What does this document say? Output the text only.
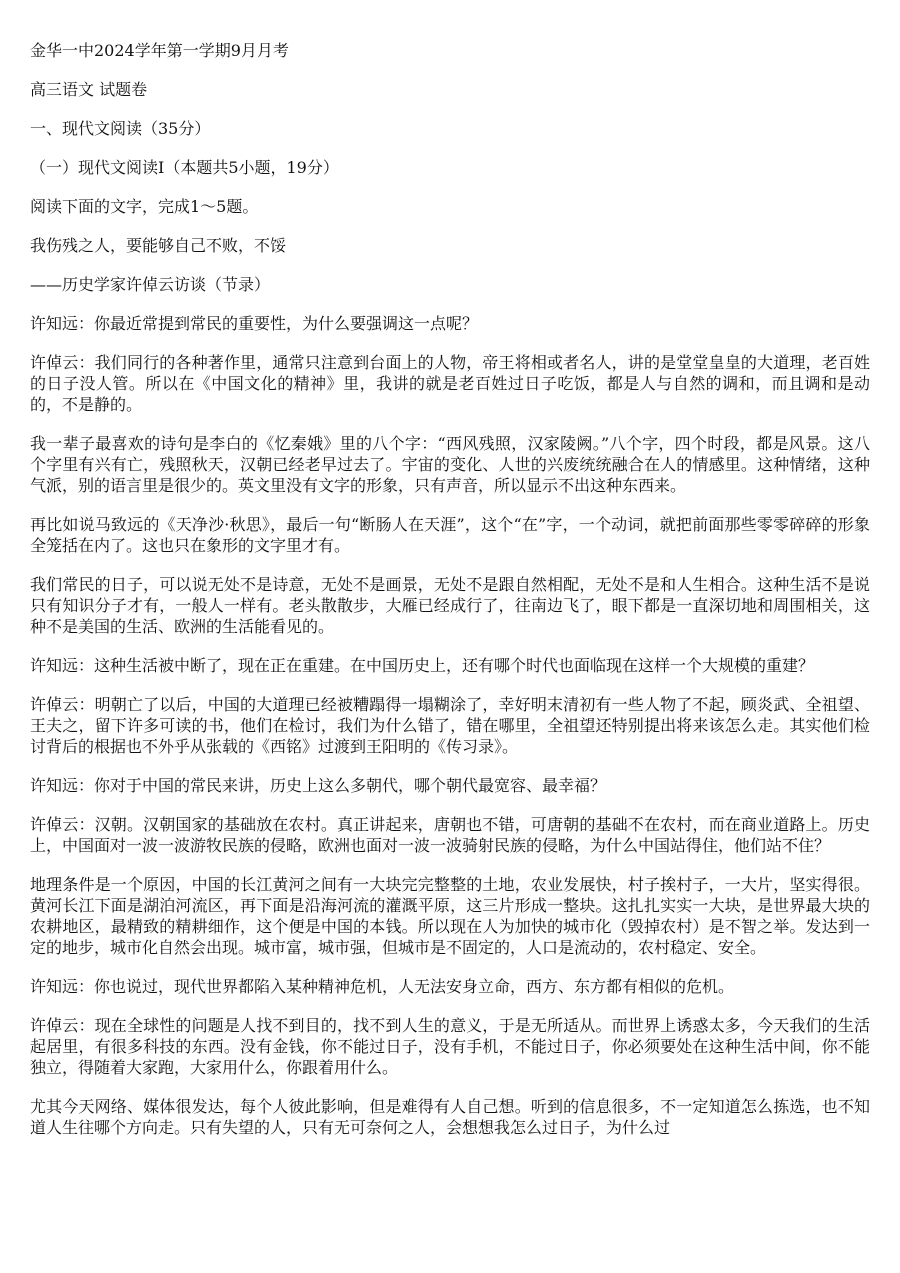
金华一中2024学年第一学期9月月考
高三语文 试题卷
一、现代文阅读（35分）
（一）现代文阅读I（本题共5小题，19分）
阅读下面的文字，完成1～5题。
我伤残之人，要能够自己不败，不馁
——历史学家许倬云访谈（节录）
许知远：你最近常提到常民的重要性，为什么要强调这一点呢？
许倬云：我们同行的各种著作里，通常只注意到台面上的人物，帝王将相或者名人，讲的是堂堂皇皇的大道理，老百姓的日子没人管。所以在《中国文化的精神》里，我讲的就是老百姓过日子吃饭，都是人与自然的调和，而且调和是动的，不是静的。
我一辈子最喜欢的诗句是李白的《忆秦娥》里的八个字：“西风残照，汉家陵阙。”八个字，四个时段，都是风景。这八个字里有兴有亡，残照秋天，汉朝已经老早过去了。宇宙的变化、人世的兴废统统融合在人的情感里。这种情绪，这种气派，别的语言里是很少的。英文里没有文字的形象，只有声音，所以显示不出这种东西来。
再比如说马致远的《天净沙·秋思》，最后一句“断肠人在天涯”，这个“在”字，一个动词，就把前面那些零零碎碎的形象全笼括在内了。这也只在象形的文字里才有。
我们常民的日子，可以说无处不是诗意，无处不是画景，无处不是跟自然相配，无处不是和人生相合。这种生活不是说只有知识分子才有，一般人一样有。老头散散步，大雁已经成行了，往南边飞了，眼下都是一直深切地和周围相关，这种不是美国的生活、欧洲的生活能看见的。
许知远：这种生活被中断了，现在正在重建。在中国历史上，还有哪个时代也面临现在这样一个大规模的重建？
许倬云：明朝亡了以后，中国的大道理已经被糟蹋得一塌糊涂了，幸好明末清初有一些人物了不起，顾炎武、全祖望、王夫之，留下许多可读的书，他们在检讨，我们为什么错了，错在哪里，全祖望还特别提出将来该怎么走。其实他们检讨背后的根据也不外乎从张载的《西铭》过渡到王阳明的《传习录》。
许知远：你对于中国的常民来讲，历史上这么多朝代，哪个朝代最宽容、最幸福？
许倬云：汉朝。汉朝国家的基础放在农村。真正讲起来，唐朝也不错，可唐朝的基础不在农村，而在商业道路上。历史上，中国面对一波一波游牧民族的侵略，欧洲也面对一波一波骑射民族的侵略，为什么中国站得住，他们站不住？
地理条件是一个原因，中国的长江黄河之间有一大块完完整整的土地，农业发展快，村子挨村子，一大片，坚实得很。黄河长江下面是湖泊河流区，再下面是沿海河流的灌溉平原，这三片形成一整块。这扎扎实实一大块，是世界最大块的农耕地区，最精致的精耕细作，这个便是中国的本钱。所以现在人为加快的城市化（毁掉农村）是不智之举。发达到一定的地步，城市化自然会出现。城市富，城市强，但城市是不固定的，人口是流动的，农村稳定、安全。
许知远：你也说过，现代世界都陷入某种精神危机，人无法安身立命，西方、东方都有相似的危机。
许倬云：现在全球性的问题是人找不到目的，找不到人生的意义，于是无所适从。而世界上诱惑太多，今天我们的生活起居里，有很多科技的东西。没有金钱，你不能过日子，没有手机，不能过日子，你必须要处在这种生活中间，你不能独立，得随着大家跑，大家用什么，你跟着用什么。
尤其今天网络、媒体很发达，每个人彼此影响，但是难得有人自己想。听到的信息很多，不一定知道怎么拣选，也不知道人生往哪个方向走。只有失望的人，只有无可奈何之人，会想想我怎么过日子，为什么过
